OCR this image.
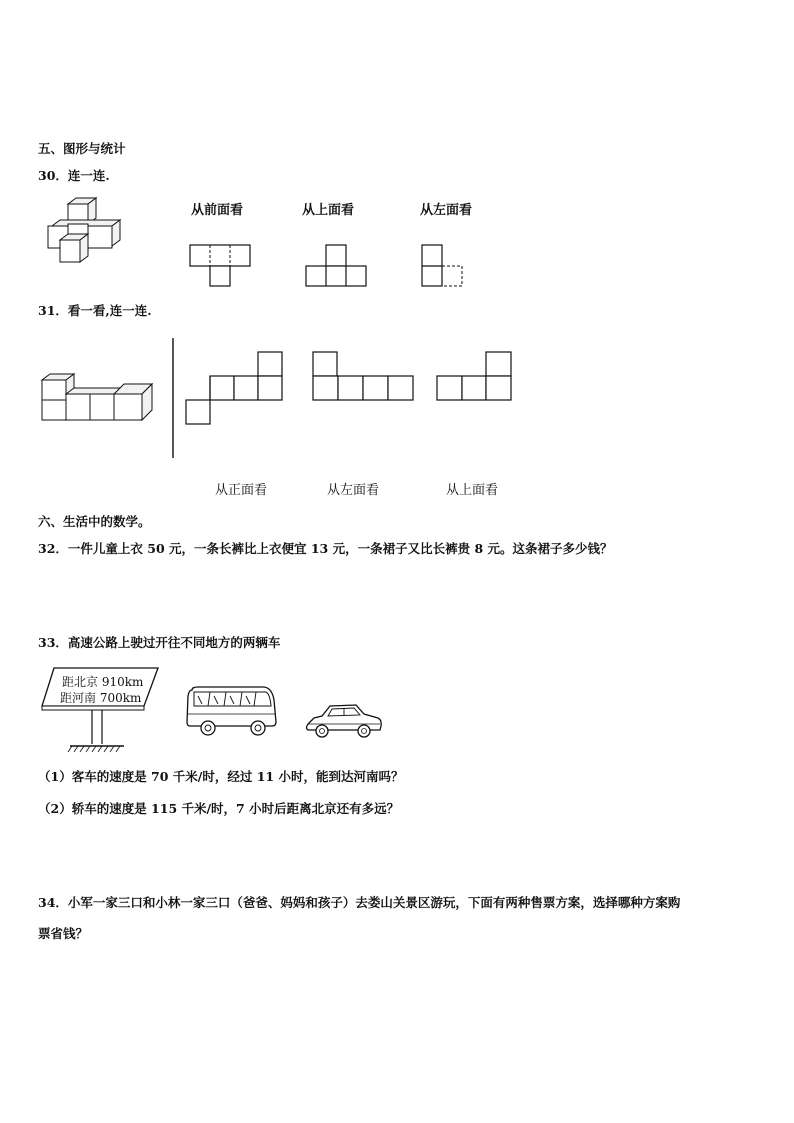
五、图形与统计
30．连一连.
从前面看	从上面看	从左面看
31．看一看,连一连.
从正面看	从左面看	从上面看
六、生活中的数学。
32．一件儿童上衣 50 元，一条长裤比上衣便宜 13 元，一条裙子又比长裤贵 8 元。这条裙子多少钱？
33．高速公路上驶过开往不同地方的两辆车
距北京 910km
距河南 700km
（1）客车的速度是 70 千米/时，经过 11 小时，能到达河南吗？
（2）轿车的速度是 115 千米/时，7 小时后距离北京还有多远？
34．小军一家三口和小林一家三口（爸爸、妈妈和孩子）去娄山关景区游玩，下面有两种售票方案，选择哪种方案购
票省钱？
